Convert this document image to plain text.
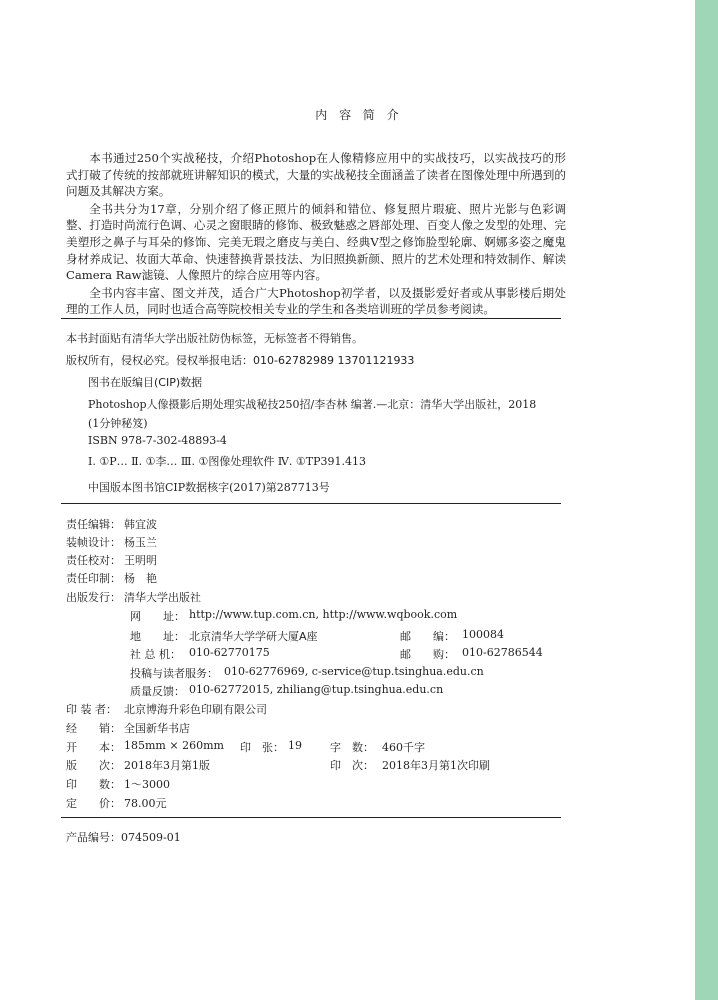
内 容 简 介

本书通过250个实战秘技，介绍Photoshop在人像精修应用中的实战技巧，以实战技巧的形式打破了传统的按部就班讲解知识的模式，大量的实战秘技全面涵盖了读者在图像处理中所遇到的问题及其解决方案。

全书共分为17章，分别介绍了修正照片的倾斜和错位、修复照片瑕疵、照片光影与色彩调整、打造时尚流行色调、心灵之窗眼睛的修饰、极致魅惑之唇部处理、百变人像之发型的处理、完美塑形之鼻子与耳朵的修饰、完美无瑕之磨皮与美白、经典V型之修饰脸型轮廓、婀娜多姿之魔鬼身材养成记、妆面大革命、快速替换背景技法、为旧照换新颜、照片的艺术处理和特效制作、解读Camera Raw滤镜、人像照片的综合应用等内容。

全书内容丰富、图文并茂，适合广大Photoshop初学者，以及摄影爱好者或从事影楼后期处理的工作人员，同时也适合高等院校相关专业的学生和各类培训班的学员参考阅读。

本书封面贴有清华大学出版社防伪标签，无标签者不得销售。
版权所有，侵权必究。侵权举报电话：010-62782989 13701121933
图书在版编目(CIP)数据
Photoshop人像摄影后期处理实战秘技250招/李杏林 编著.—北京：清华大学出版社，2018
(1分钟秘笈)
ISBN 978-7-302-48893-4
Ⅰ. ①P… Ⅱ. ①李… Ⅲ. ①图像处理软件 Ⅳ. ①TP391.413
中国版本图书馆CIP数据核字(2017)第287713号
责任编辑： 韩宜波
装帧设计： 杨玉兰
责任校对： 王明明
责任印制： 杨　艳
出版发行： 清华大学出版社
网　　址： http://www.tup.com.cn, http://www.wqbook.com
地　　址： 北京清华大学学研大厦A座	邮　　编： 100084
社 总 机： 010-62770175	邮　　购： 010-62786544
投稿与读者服务： 010-62776969, c-service@tup.tsinghua.edu.cn
质量反馈： 010-62772015, zhiliang@tup.tsinghua.edu.cn
印 装 者： 北京博海升彩色印刷有限公司
经　　销： 全国新华书店
开　　本： 185mm × 260mm 印　张： 19	字　数： 460千字
版　　次： 2018年3月第1版	印　次： 2018年3月第1次印刷
印　　数： 1～3000
定　　价： 78.00元
产品编号：074509-01
